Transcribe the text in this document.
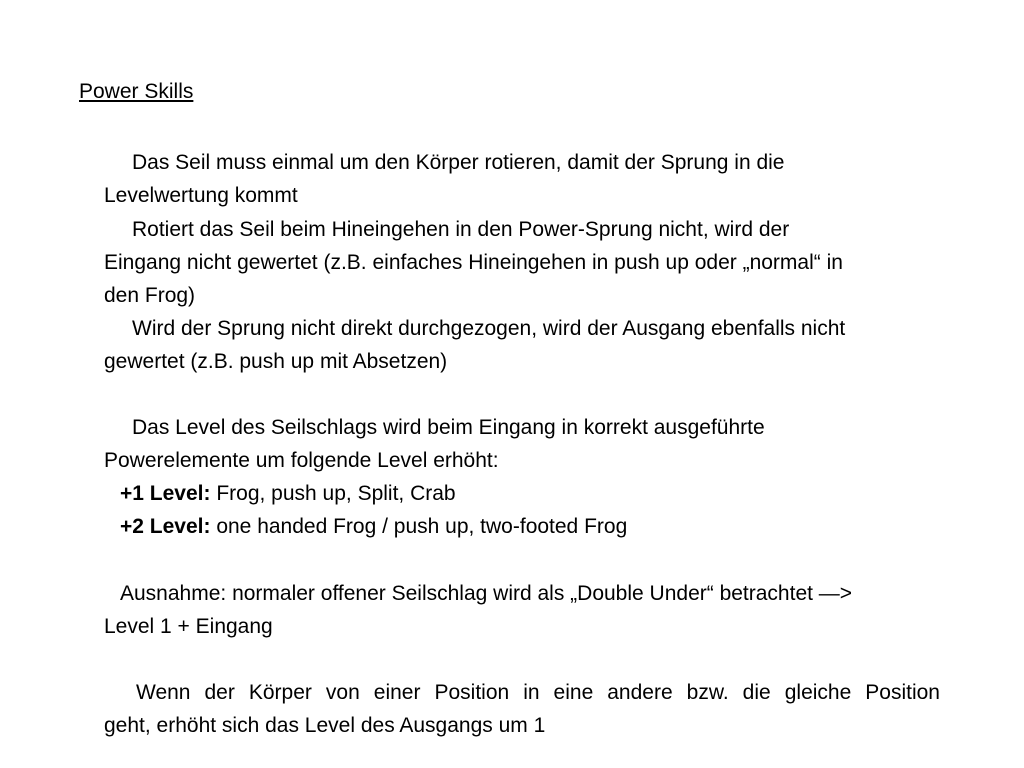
Power Skills
Das Seil muss einmal um den Körper rotieren, damit der Sprung in die
Levelwertung kommt
Rotiert das Seil beim Hineingehen in den Power-Sprung nicht, wird der
Eingang nicht gewertet (z.B. einfaches Hineingehen in push up oder „normal“ in
den Frog)
Wird der Sprung nicht direkt durchgezogen, wird der Ausgang ebenfalls nicht
gewertet (z.B. push up mit Absetzen)
Das Level des Seilschlags wird beim Eingang in korrekt ausgeführte
Powerelemente um folgende Level erhöht:
+1 Level: Frog, push up, Split, Crab
+2 Level: one handed Frog / push up, two-footed Frog
Ausnahme: normaler offener Seilschlag wird als „Double Under“ betrachtet —>
Level 1 + Eingang
Wenn der Körper von einer Position in eine andere bzw. die gleiche Position
geht, erhöht sich das Level des Ausgangs um 1
